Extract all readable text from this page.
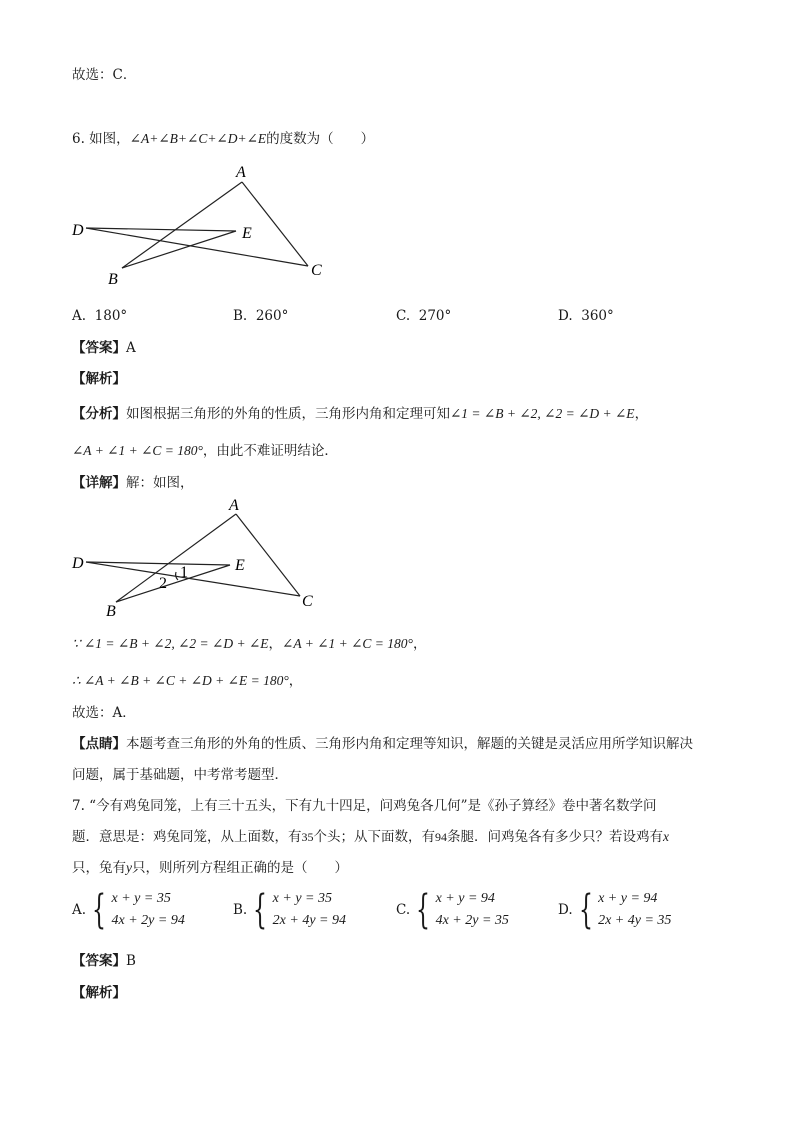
故选：C．
6. 如图，∠A+∠B+∠C+∠D+∠E的度数为（　　）
A
D	E
B
C
A. 180°	B. 260°	C. 270°	D. 360°
【答案】A
【解析】
【分析】如图根据三角形的外角的性质，三角形内角和定理可知∠1 = ∠B + ∠2, ∠2 = ∠D + ∠E，
∠A + ∠1 + ∠C = 180°，由此不难证明结论．
【详解】解：如图，
A
D	E
B
C
1
2
∵ ∠1 = ∠B + ∠2, ∠2 = ∠D + ∠E，∠A + ∠1 + ∠C = 180°，
∴ ∠A + ∠B + ∠C + ∠D + ∠E = 180°，
故选：A．
【点睛】本题考查三角形的外角的性质、三角形内角和定理等知识，解题的关键是灵活应用所学知识解决
问题，属于基础题，中考常考题型．
7. “今有鸡兔同笼，上有三十五头，下有九十四足，问鸡兔各几何”是《孙子算经》卷中著名数学问
题．意思是：鸡兔同笼，从上面数，有35个头；从下面数，有94条腿．问鸡兔各有多少只？若设鸡有x
只，兔有y只，则所列方程组正确的是（　　）
A. { x + y = 35
4x + 2y = 94
B. { x + y = 35
2x + 4y = 94
C. { x + y = 94
4x + 2y = 35
D. { x + y = 94
2x + 4y = 35
【答案】B
【解析】
